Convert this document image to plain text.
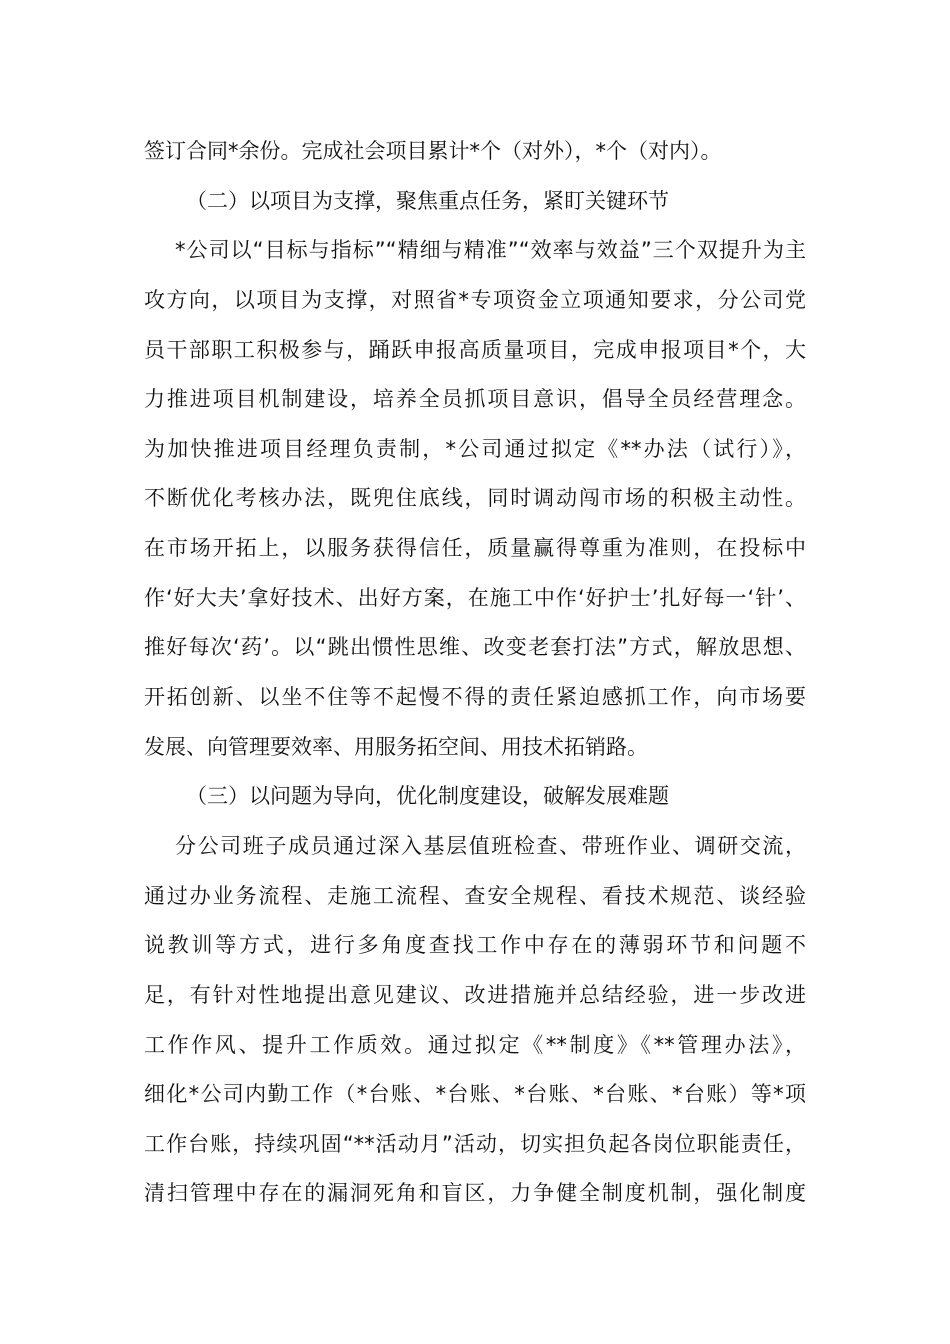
签订合同*余份。完成社会项目累计*个（对外），*个（对内）。
（二）以项目为支撑，聚焦重点任务，紧盯关键环节
*公司以“目标与指标”“精细与精准”“效率与效益”三个双提升为主
攻方向，以项目为支撑，对照省*专项资金立项通知要求，分公司党
员干部职工积极参与，踊跃申报高质量项目，完成申报项目*个，大
力推进项目机制建设，培养全员抓项目意识，倡导全员经营理念。
为加快推进项目经理负责制，*公司通过拟定《**办法（试行）》，
不断优化考核办法，既兜住底线，同时调动闯市场的积极主动性。
在市场开拓上，以服务获得信任，质量赢得尊重为准则，在投标中
作‘好大夫’拿好技术、出好方案，在施工中作‘好护士’扎好每一‘针’、
推好每次‘药’。以“跳出惯性思维、改变老套打法”方式，解放思想、
开拓创新、以坐不住等不起慢不得的责任紧迫感抓工作，向市场要
发展、向管理要效率、用服务拓空间、用技术拓销路。
（三）以问题为导向，优化制度建设，破解发展难题
分公司班子成员通过深入基层值班检查、带班作业、调研交流，
通过办业务流程、走施工流程、查安全规程、看技术规范、谈经验
说教训等方式，进行多角度查找工作中存在的薄弱环节和问题不
足，有针对性地提出意见建议、改进措施并总结经验，进一步改进
工作作风、提升工作质效。通过拟定《**制度》《**管理办法》，
细化*公司内勤工作（*台账、*台账、*台账、*台账、*台账）等*项
工作台账，持续巩固“**活动月”活动，切实担负起各岗位职能责任，
清扫管理中存在的漏洞死角和盲区，力争健全制度机制，强化制度
